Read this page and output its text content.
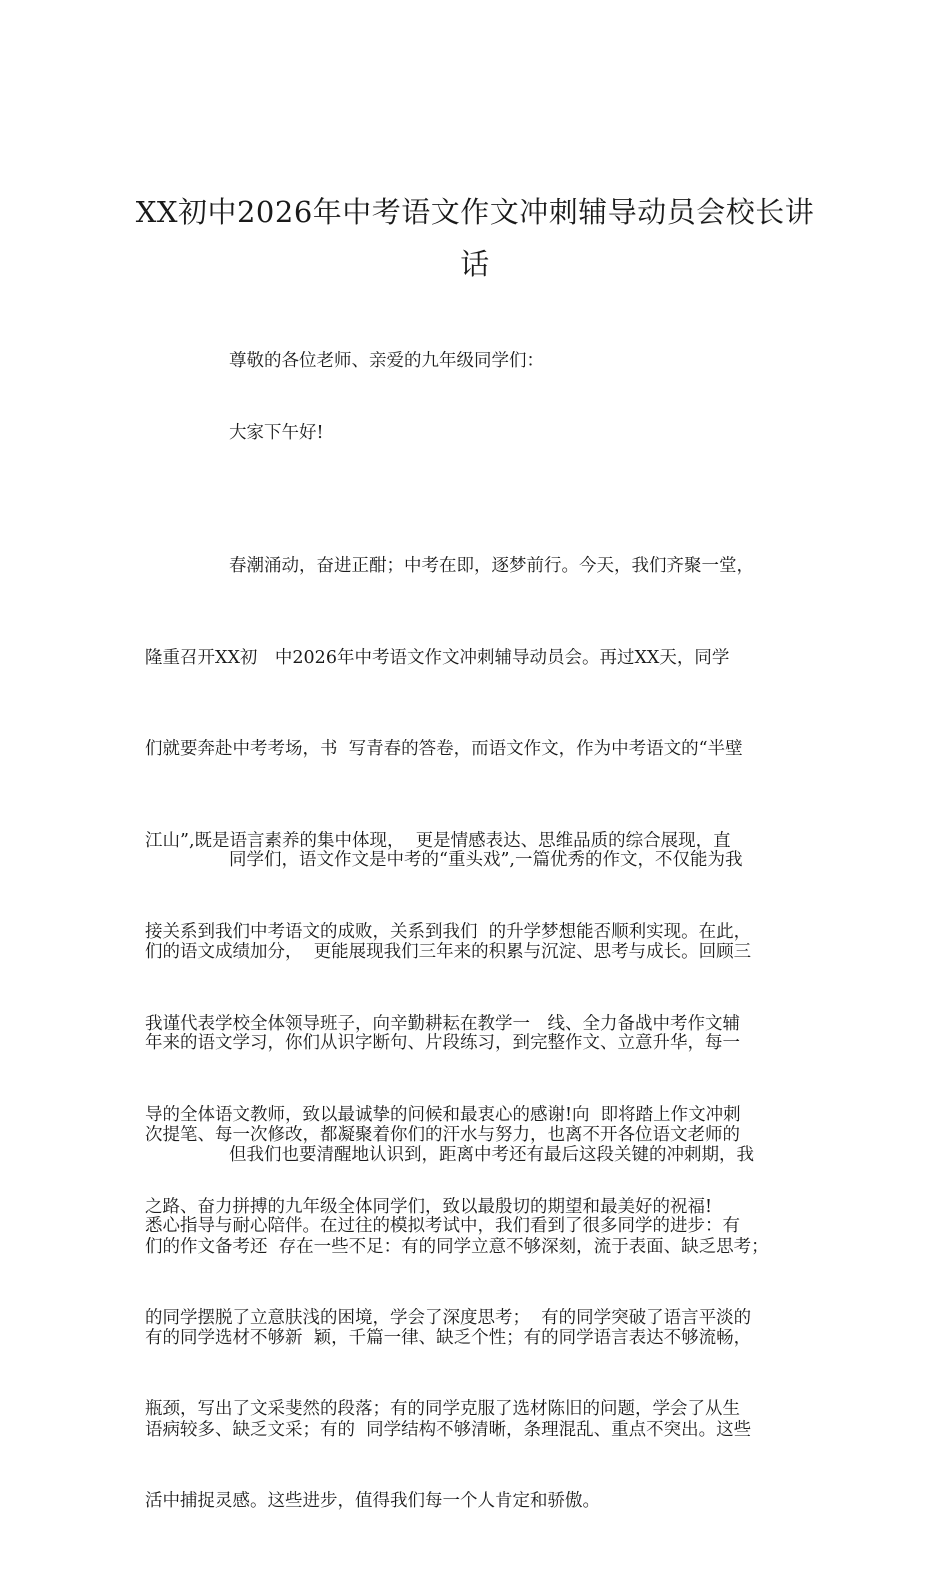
XX初中2026年中考语文作文冲刺辅导动员会校长讲
话
尊敬的各位老师、亲爱的九年级同学们：
大家下午好!

春潮涌动，奋进正酣；中考在即，逐梦前行。今天，我们齐聚一堂，

隆重召开XX初　中2026年中考语文作文冲刺辅导动员会。再过XX天，同学

们就要奔赴中考考场，书  写青春的答卷，而语文作文，作为中考语文的“半壁

江山”,既是语言素养的集中体现，  更是情感表达、思维品质的综合展现，直

接关系到我们中考语文的成败，关系到我们  的升学梦想能否顺利实现。在此，

我谨代表学校全体领导班子，向辛勤耕耘在教学一　线、全力备战中考作文辅

导的全体语文教师，致以最诚挚的问候和最衷心的感谢!向  即将踏上作文冲刺

之路、奋力拼搏的九年级全体同学们，致以最殷切的期望和最美好的祝福!

同学们，语文作文是中考的“重头戏”,一篇优秀的作文，不仅能为我

们的语文成绩加分，  更能展现我们三年来的积累与沉淀、思考与成长。回顾三

年来的语文学习，你们从识字断句、片段练习，到完整作文、立意升华，每一

次提笔、每一次修改，都凝聚着你们的汗水与努力，也离不开各位语文老师的

悉心指导与耐心陪伴。在过往的模拟考试中，我们看到了很多同学的进步：有

的同学摆脱了立意肤浅的困境，学会了深度思考；  有的同学突破了语言平淡的

瓶颈，写出了文采斐然的段落；有的同学克服了选材陈旧的问题，学会了从生

活中捕捉灵感。这些进步，值得我们每一个人肯定和骄傲。

但我们也要清醒地认识到，距离中考还有最后这段关键的冲刺期，我

们的作文备考还  存在一些不足：有的同学立意不够深刻，流于表面、缺乏思考；

有的同学选材不够新  颖，千篇一律、缺乏个性；有的同学语言表达不够流畅，

语病较多、缺乏文采；有的  同学结构不够清晰，条理混乱、重点不突出。这些
